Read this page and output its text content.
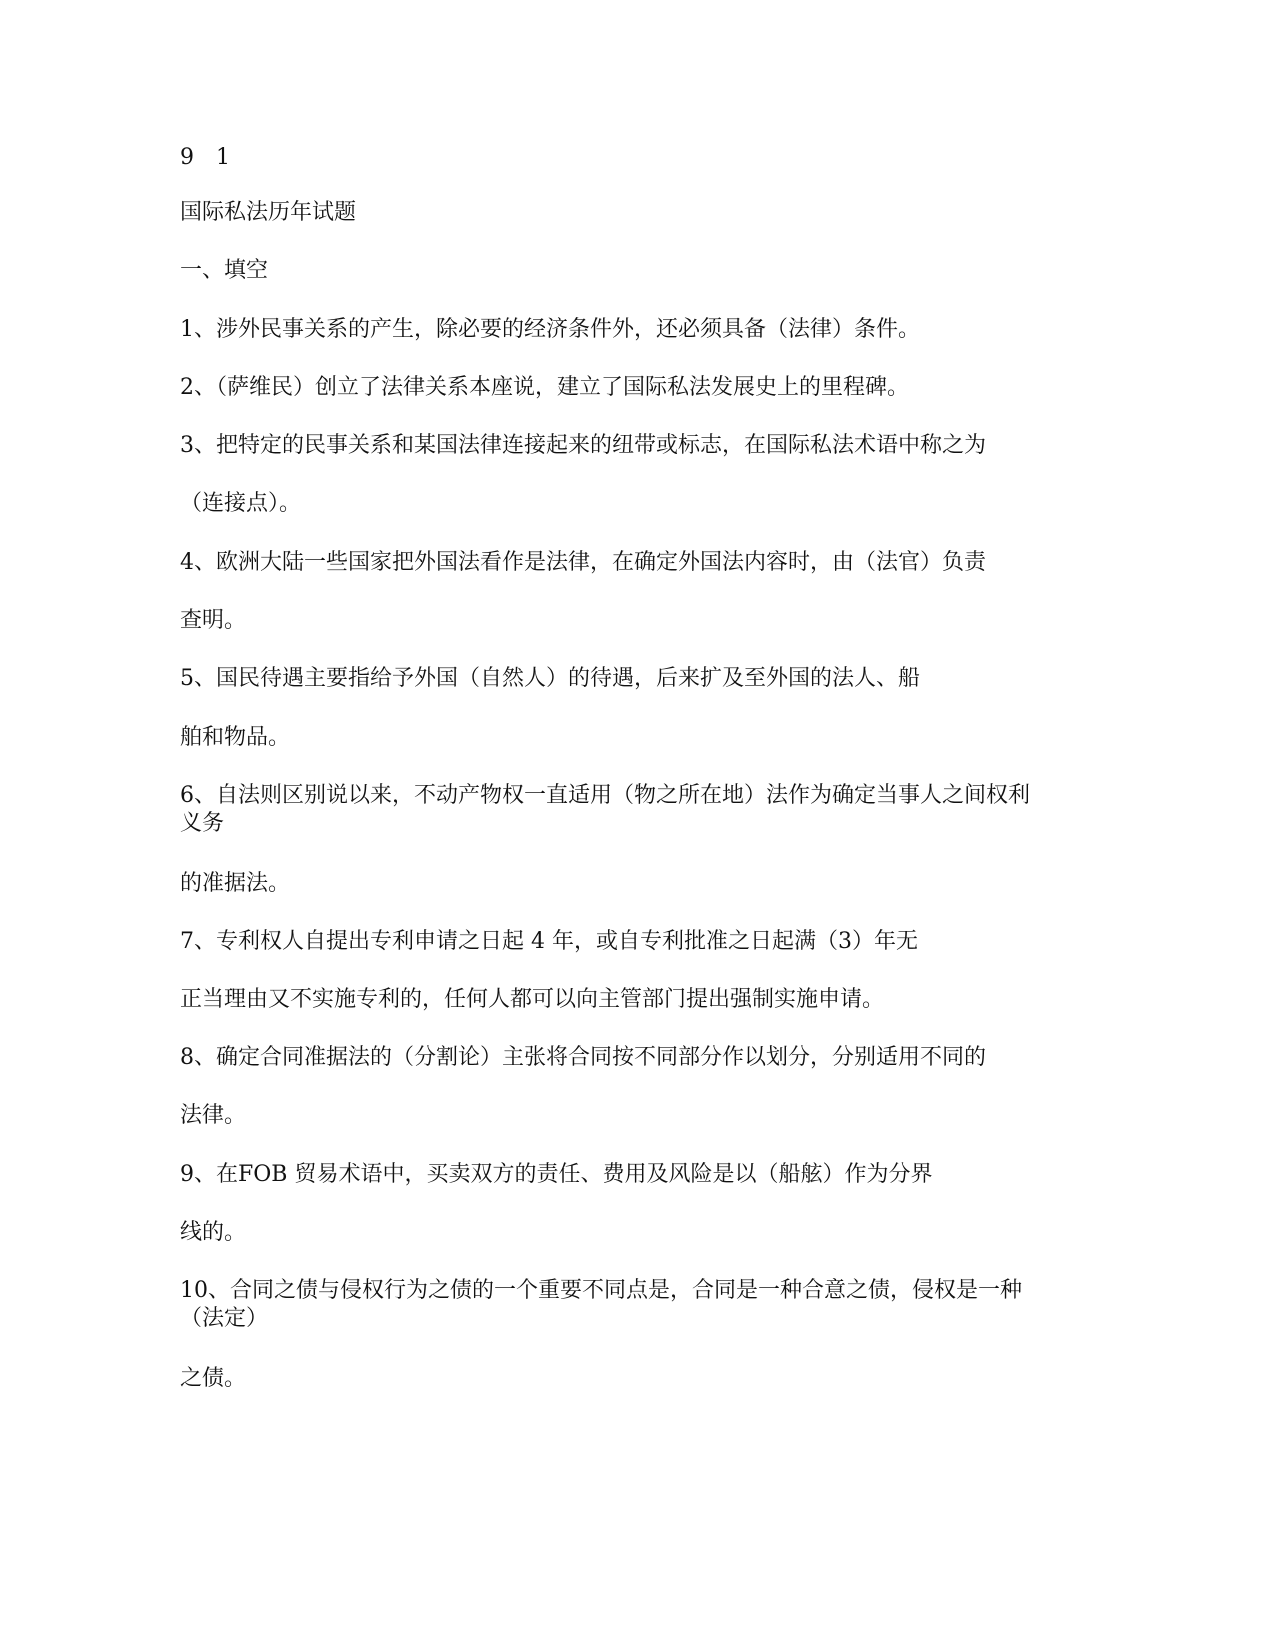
9　1

国际私法历年试题

一、填空

1、涉外民事关系的产生，除必要的经济条件外，还必须具备（法律）条件。

2、（萨维民）创立了法律关系本座说，建立了国际私法发展史上的里程碑。

3、把特定的民事关系和某国法律连接起来的纽带或标志，在国际私法术语中称之为

（连接点）。

4、欧洲大陆一些国家把外国法看作是法律，在确定外国法内容时，由（法官）负责

查明。

5、国民待遇主要指给予外国（自然人）的待遇，后来扩及至外国的法人、船

舶和物品。

6、自法则区别说以来，不动产物权一直适用（物之所在地）法作为确定当事人之间权利义务

的准据法。

7、专利权人自提出专利申请之日起 4 年，或自专利批准之日起满（3）年无

正当理由又不实施专利的，任何人都可以向主管部门提出强制实施申请。

8、确定合同准据法的（分割论）主张将合同按不同部分作以划分，分别适用不同的

法律。

9、在FOB 贸易术语中，买卖双方的责任、费用及风险是以（船舷）作为分界

线的。

10、合同之债与侵权行为之债的一个重要不同点是，合同是一种合意之债，侵权是一种（法定）

之债。
